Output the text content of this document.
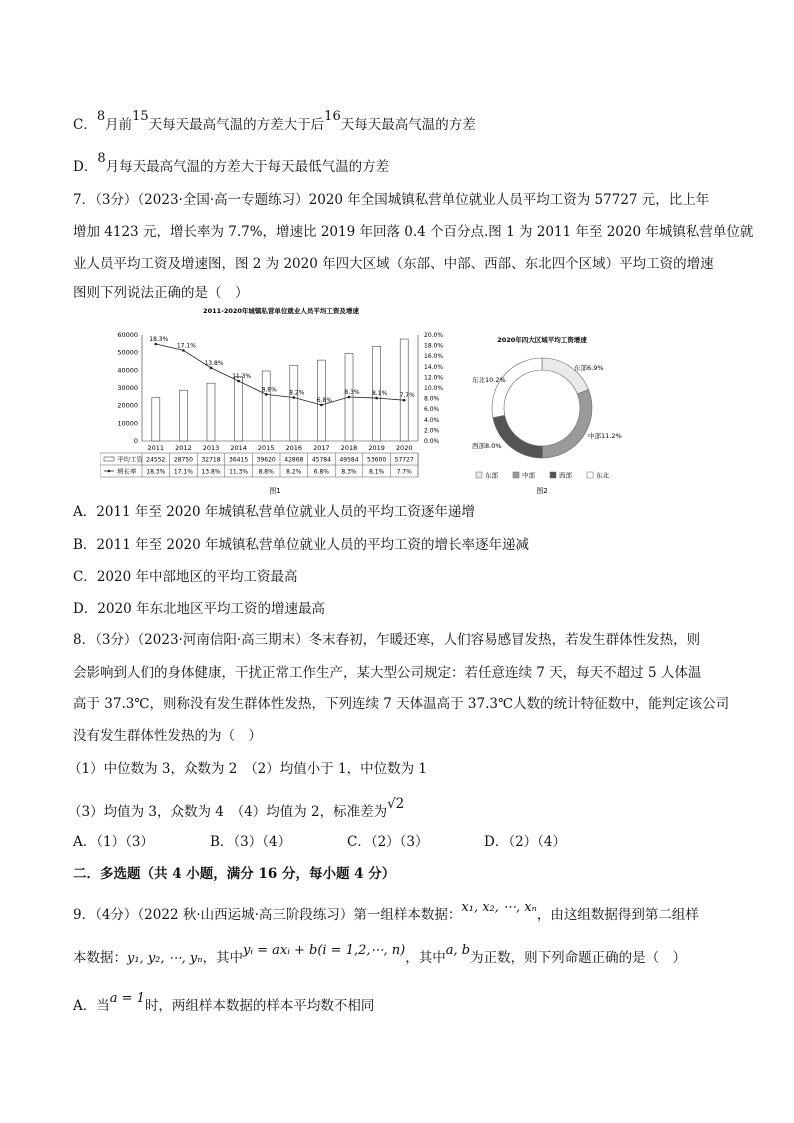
C．8月前15天每天最高气温的方差大于后16天每天最高气温的方差
D．8月每天最高气温的方差大于每天最低气温的方差
7．（3分）（2023·全国·高一专题练习）2020 年全国城镇私营单位就业人员平均工资为 57727 元，比上年
增加 4123 元，增长率为 7.7%，增速比 2019 年回落 0.4 个百分点.图 1 为 2011 年至 2020 年城镇私营单位就
业人员平均工资及增速图，图 2 为 2020 年四大区域（东部、中部、西部、东北四个区域）平均工资的增速
图则下列说法正确的是（　）
2011-2020年城镇私营单位就业人员平均工资及增速
60000
50000
40000
30000
20000
10000
0
20.0%
18.0%
16.0%
14.0%
12.0%
10.0%
8.0%
6.0%
4.0%
2.0%
0.0%
18.3%
17.1%
13.8%
11.3%
8.8% 8.2%
6.8%
8.3% 8.1% 7.7%
2011 2012 2013 2014 2015 2016 2017 2018 2019 2020
平均工资 24552 28750 32718 36415 39620 42868 45784 49584 53600 57727
增长率 18.3% 17.1% 13.8% 11.3% 8.8% 8.2% 6.8% 8.3% 8.1% 7.7%
图1
2020年四大区域平均工资增速
东部6.9%
中部11.2%
西部8.0%
东北10.2%
东部	中部	西部	东北
图2
A．2011 年至 2020 年城镇私营单位就业人员的平均工资逐年递增
B．2011 年至 2020 年城镇私营单位就业人员的平均工资的增长率逐年递减
C．2020 年中部地区的平均工资最高
D．2020 年东北地区平均工资的增速最高
8．（3分）（2023·河南信阳·高三期末）冬末春初，乍暖还寒，人们容易感冒发热，若发生群体性发热，则
会影响到人们的身体健康，干扰正常工作生产，某大型公司规定：若任意连续 7 天，每天不超过 5 人体温
高于 37.3℃，则称没有发生群体性发热，下列连续 7 天体温高于 37.3℃人数的统计特征数中，能判定该公司
没有发生群体性发热的为（　）
（1）中位数为 3，众数为 2　（2）均值小于 1，中位数为 1
（3）均值为 3，众数为 4　（4）均值为 2，标准差为√2
A．（1）（3）	B．（3）（4）	C．（2）（3）	D．（2）（4）
二．多选题（共 4 小题，满分 16 分，每小题 4 分）
9．（4分）（2022 秋·山西运城·高三阶段练习）第一组样本数据：x₁, x₂, ⋯, xₙ，由这组数据得到第二组样
本数据：y₁, y₂, ⋯, yₙ，其中yᵢ = axᵢ + b(i = 1,2,⋯, n)，其中a, b为正数，则下列命题正确的是（　）
A．当a = 1时，两组样本数据的样本平均数不相同
